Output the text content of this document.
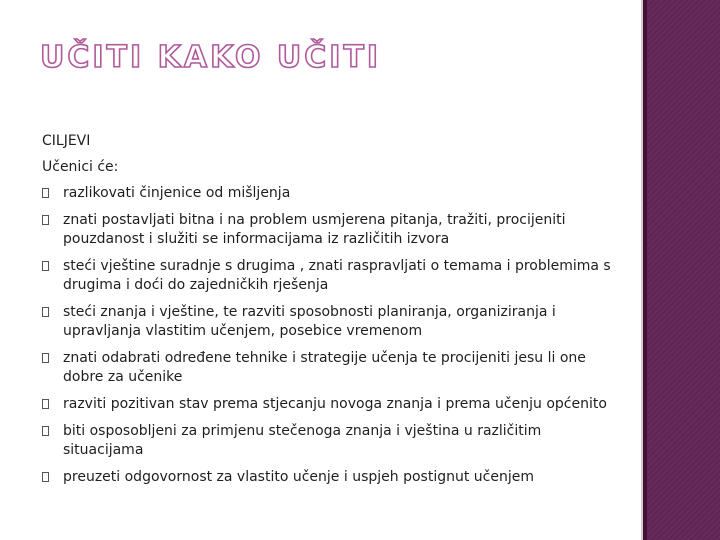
UČITI KAKO UČITI

CILJEVI

Učenici će:

razlikovati činjenice od mišljenja
znati postavljati bitna i na problem usmjerena pitanja, tražiti, procijeniti pouzdanost i služiti se informacijama iz različitih izvora
steći vještine suradnje s drugima , znati raspravljati o temama i problemima s drugima i doći do zajedničkih rješenja
steći znanja i vještine, te razviti sposobnosti planiranja, organiziranja i upravljanja vlastitim učenjem, posebice vremenom
znati odabrati određene tehnike i strategije učenja te procijeniti jesu li one dobre za učenike
razviti pozitivan stav prema stjecanju novoga znanja i prema učenju općenito
biti osposobljeni za primjenu stečenoga znanja i vještina u različitim situacijama
preuzeti odgovornost za vlastito učenje i uspjeh postignut učenjem
